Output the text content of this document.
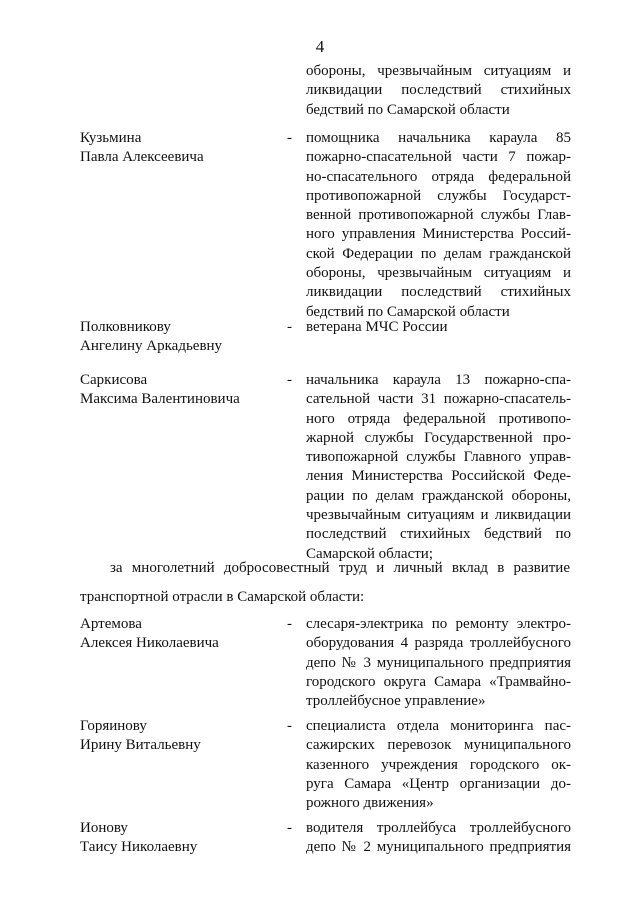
4
обороны, чрезвычайным ситуациям и
ликвидации последствий стихийных
бедствий по Самарской области
Кузьмина
Павла Алексеевича
- помощника начальника караула 85
пожарно-спасательной части 7 пожар-
но-спасательного отряда федеральной
противопожарной службы Государст-
венной противопожарной службы Глав-
ного управления Министерства Россий-
ской Федерации по делам гражданской
обороны, чрезвычайным ситуациям и
ликвидации последствий стихийных
бедствий по Самарской области
Полковникову
Ангелину Аркадьевну
- ветерана МЧС России
Саркисова
Максима Валентиновича
- начальника караула 13 пожарно-спа-
сательной части 31 пожарно-спасатель-
ного отряда федеральной противопо-
жарной службы Государственной про-
тивопожарной службы Главного управ-
ления Министерства Российской Феде-
рации по делам гражданской обороны,
чрезвычайным ситуациям и ликвидации
последствий стихийных бедствий по
Самарской области;
за многолетний добросовестный труд и личный вклад в развитие
транспортной отрасли в Самарской области:
Артемова
Алексея Николаевича
- слесаря-электрика по ремонту электро-
оборудования 4 разряда троллейбусного
депо № 3 муниципального предприятия
городского округа Самара «Трамвайно-
троллейбусное управление»
Горяинову
Ирину Витальевну
- специалиста отдела мониторинга пас-
сажирских перевозок муниципального
казенного учреждения городского ок-
руга Самара «Центр организации до-
рожного движения»
Ионову
Таису Николаевну
- водителя троллейбуса троллейбусного
депо № 2 муниципального предприятия
